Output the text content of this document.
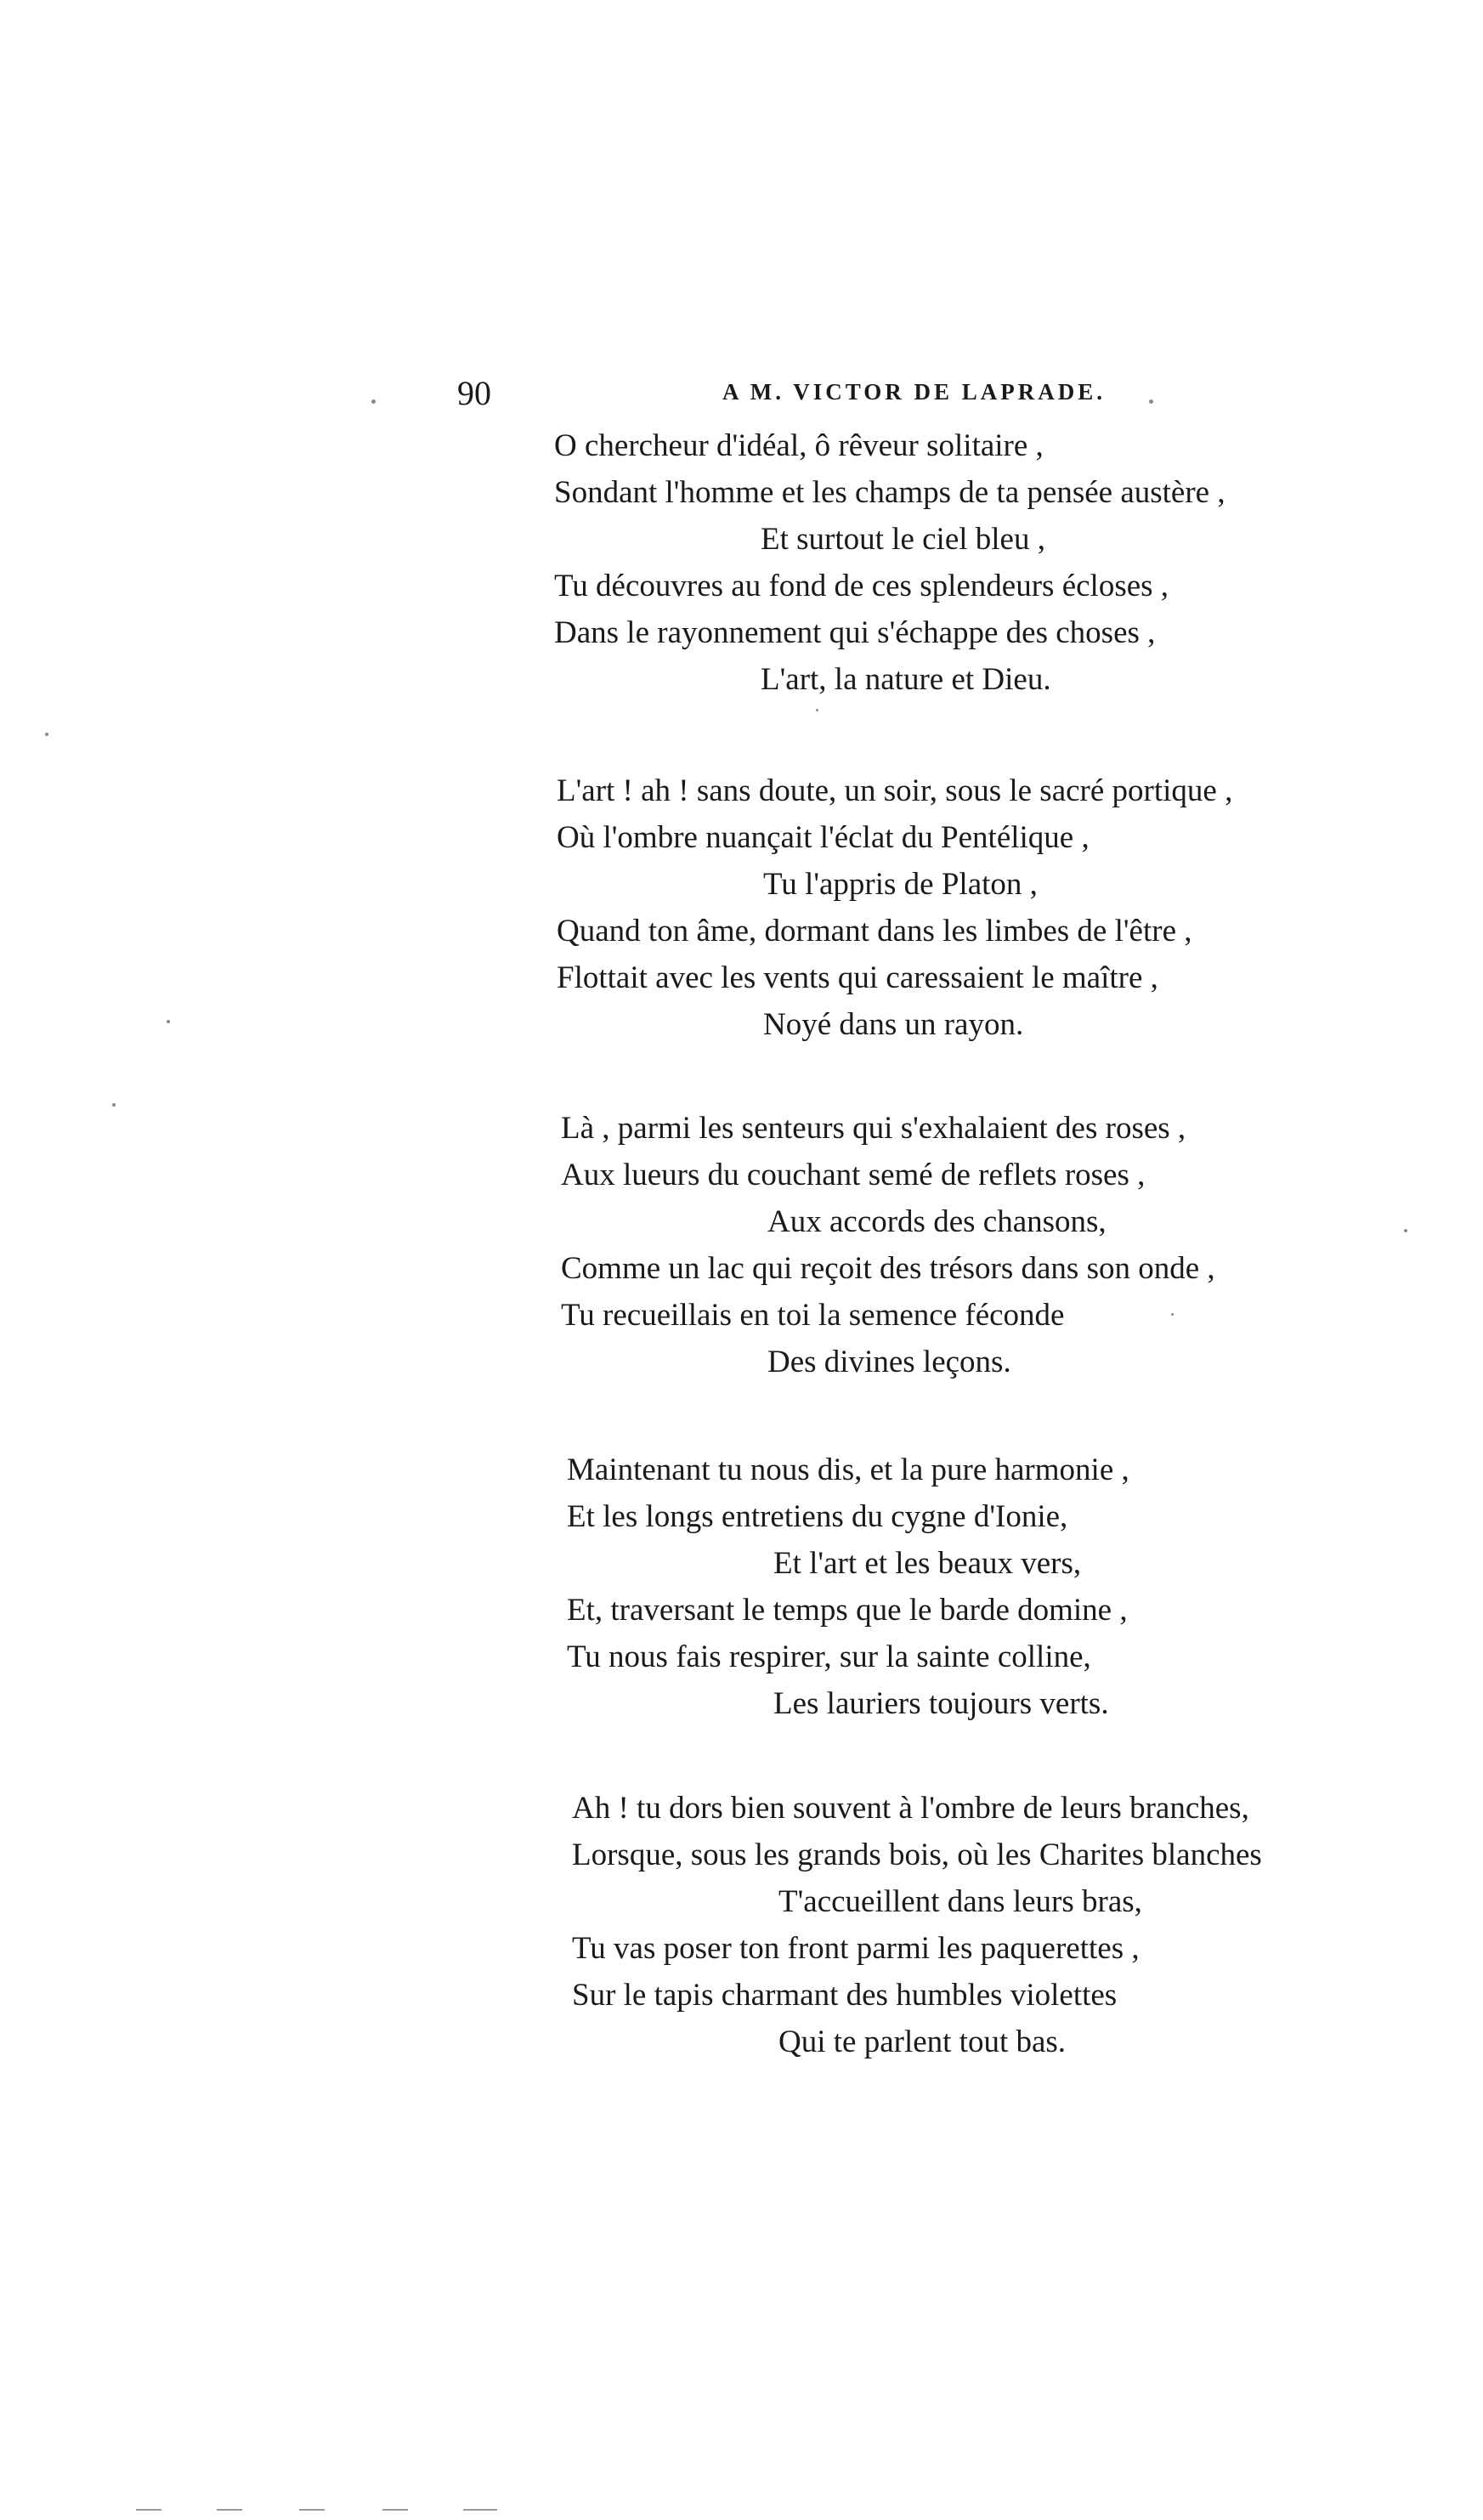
90	A M. VICTOR DE LAPRADE.
O chercheur d'idéal, ô rêveur solitaire ,
Sondant l'homme et les champs de ta pensée austère ,
Et surtout le ciel bleu ,
Tu découvres au fond de ces splendeurs écloses ,
Dans le rayonnement qui s'échappe des choses ,
L'art, la nature et Dieu.
L'art ! ah ! sans doute, un soir, sous le sacré portique ,
Où l'ombre nuançait l'éclat du Pentélique ,
Tu l'appris de Platon ,
Quand ton âme, dormant dans les limbes de l'être ,
Flottait avec les vents qui caressaient le maître ,
Noyé dans un rayon.
Là , parmi les senteurs qui s'exhalaient des roses ,
Aux lueurs du couchant semé de reflets roses ,
Aux accords des chansons,
Comme un lac qui reçoit des trésors dans son onde ,
Tu recueillais en toi la semence féconde
Des divines leçons.
Maintenant tu nous dis, et la pure harmonie ,
Et les longs entretiens du cygne d'Ionie,
Et l'art et les beaux vers,
Et, traversant le temps que le barde domine ,
Tu nous fais respirer, sur la sainte colline,
Les lauriers toujours verts.
Ah ! tu dors bien souvent à l'ombre de leurs branches,
Lorsque, sous les grands bois, où les Charites blanches
T'accueillent dans leurs bras,
Tu vas poser ton front parmi les paquerettes ,
Sur le tapis charmant des humbles violettes
Qui te parlent tout bas.
